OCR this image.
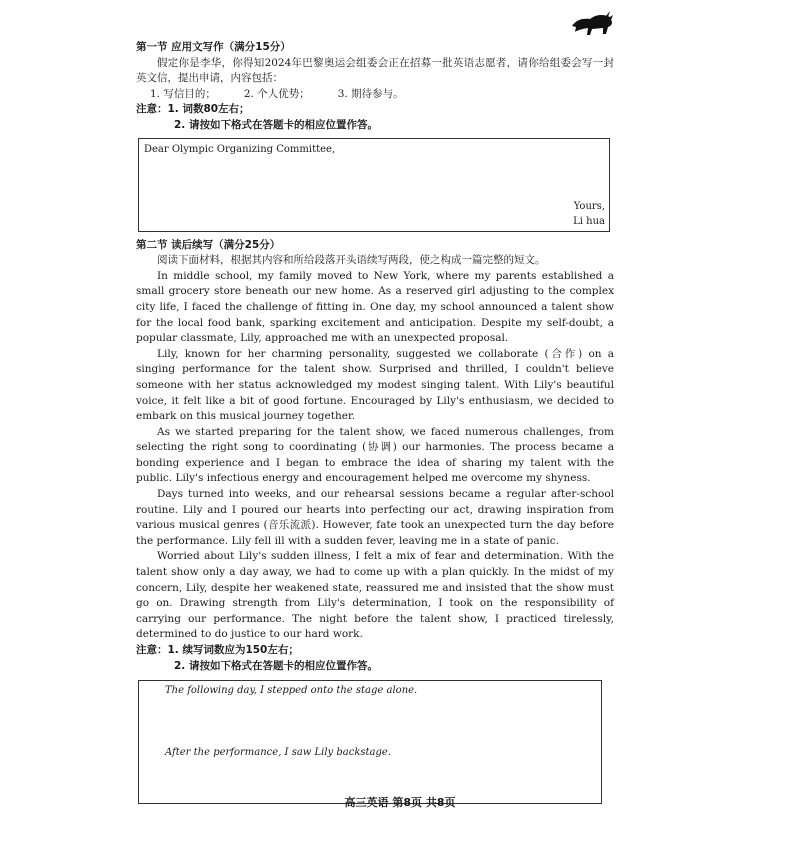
第一节 应用文写作（满分15分）

假定你是李华，你得知2024年巴黎奥运会组委会正在招募一批英语志愿者，请你给组委会写一封英文信，提出申请，内容包括：

1. 写信目的；	2. 个人优势；	3. 期待参与。
注意：1. 词数80左右；
2. 请按如下格式在答题卡的相应位置作答。
Dear Olympic Organizing Committee,
Yours,
Li hua
第二节 读后续写（满分25分）

阅读下面材料，根据其内容和所给段落开头语续写两段，使之构成一篇完整的短文。

In middle school, my family moved to New York, where my parents established a small grocery store beneath our new home. As a reserved girl adjusting to the complex city life, I faced the challenge of fitting in. One day, my school announced a talent show for the local food bank, sparking excitement and anticipation. Despite my self-doubt, a popular classmate, Lily, approached me with an unexpected proposal.

Lily, known for her charming personality, suggested we collaborate (合作) on a singing performance for the talent show. Surprised and thrilled, I couldn't believe someone with her status acknowledged my modest singing talent. With Lily's beautiful voice, it felt like a bit of good fortune. Encouraged by Lily's enthusiasm, we decided to embark on this musical journey together.

As we started preparing for the talent show, we faced numerous challenges, from selecting the right song to coordinating (协调) our harmonies. The process became a bonding experience and I began to embrace the idea of sharing my talent with the public. Lily's infectious energy and encouragement helped me overcome my shyness.

Days turned into weeks, and our rehearsal sessions became a regular after-school routine. Lily and I poured our hearts into perfecting our act, drawing inspiration from various musical genres (音乐流派). However, fate took an unexpected turn the day before the performance. Lily fell ill with a sudden fever, leaving me in a state of panic.

Worried about Lily's sudden illness, I felt a mix of fear and determination. With the talent show only a day away, we had to come up with a plan quickly. In the midst of my concern, Lily, despite her weakened state, reassured me and insisted that the show must go on. Drawing strength from Lily's determination, I took on the responsibility of carrying our performance. The night before the talent show, I practiced tirelessly, determined to do justice to our hard work.

注意：1. 续写词数应为150左右；
2. 请按如下格式在答题卡的相应位置作答。
The following day, I stepped onto the stage alone.
After the performance, I saw Lily backstage.
高三英语 第8页 共8页
